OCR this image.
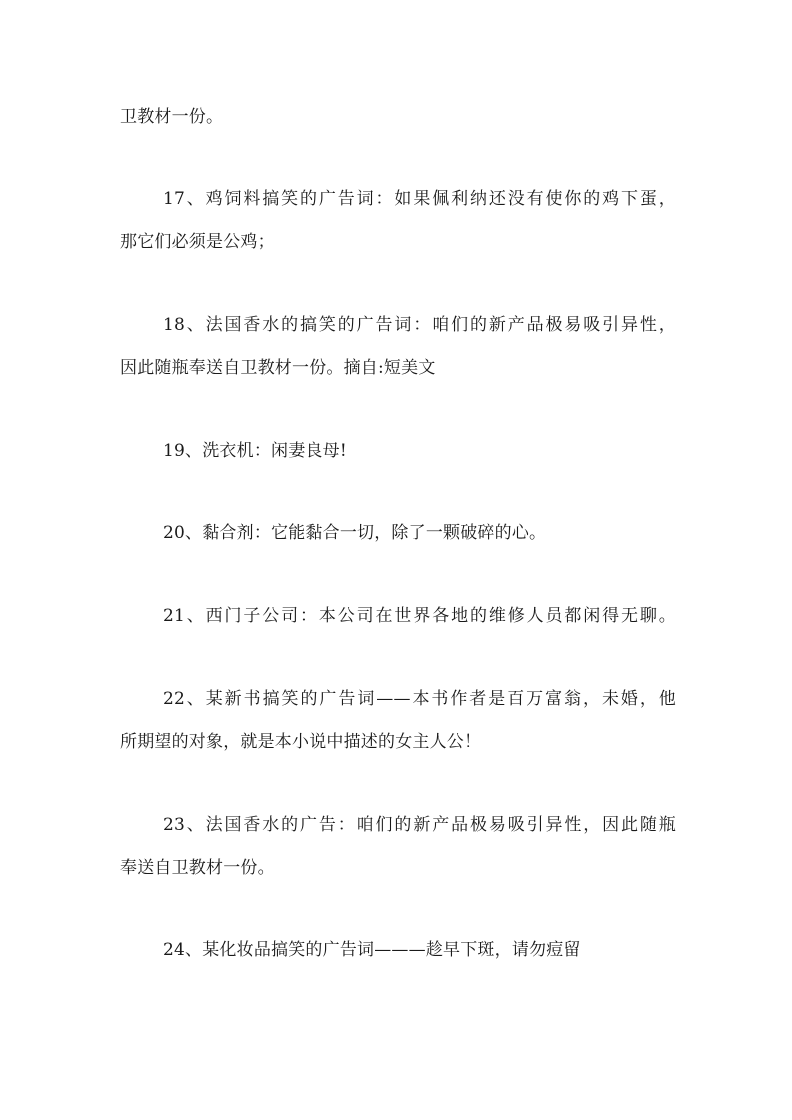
卫教材一份。
17、鸡饲料搞笑的广告词：如果佩利纳还没有使你的鸡下蛋，
那它们必须是公鸡；
18、法国香水的搞笑的广告词：咱们的新产品极易吸引异性，
因此随瓶奉送自卫教材一份。摘自:短美文
19、洗衣机：闲妻良母!
20、黏合剂：它能黏合一切，除了一颗破碎的心。
21、西门子公司：本公司在世界各地的维修人员都闲得无聊。
22、某新书搞笑的广告词——本书作者是百万富翁，未婚，他
所期望的对象，就是本小说中描述的女主人公！
23、法国香水的广告：咱们的新产品极易吸引异性，因此随瓶
奉送自卫教材一份。
24、某化妆品搞笑的广告词———趁早下斑，请勿痘留
